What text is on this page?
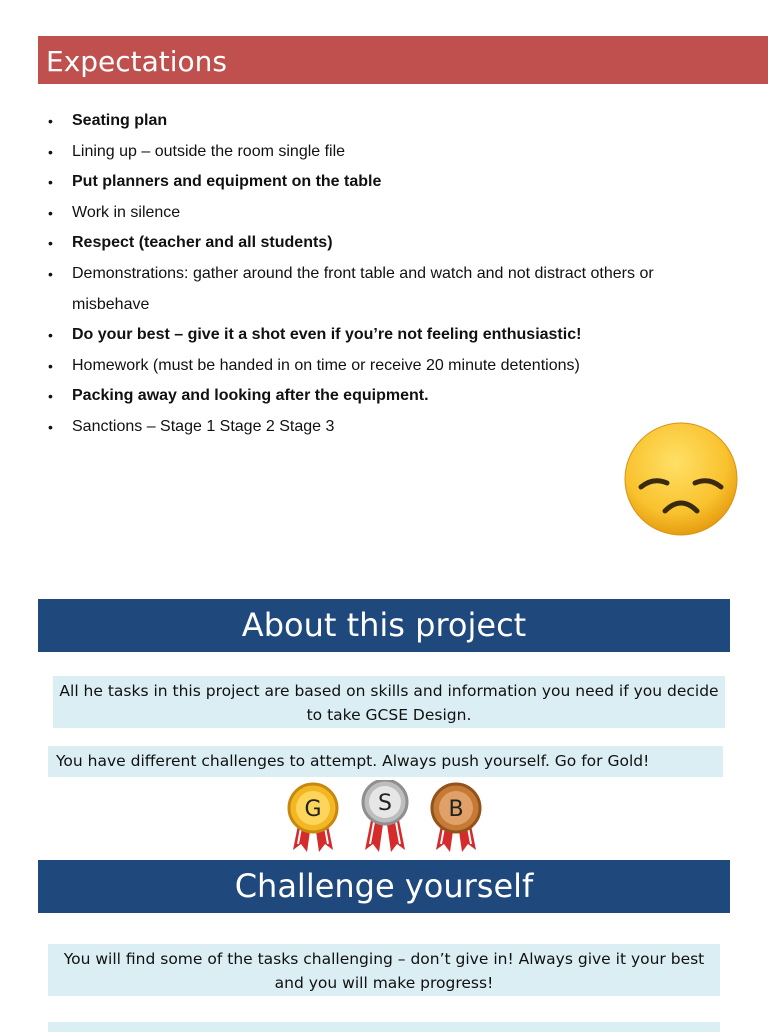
Expectations
• Seating plan
• Lining up – outside the room single file
• Put planners and equipment on the table
• Work in silence
• Respect (teacher and all students)
• Demonstrations: gather around the front table and watch and not distract others or misbehave
• Do your best – give it a shot even if you’re not feeling enthusiastic!
• Homework (must be handed in on time or receive 20 minute detentions)
• Packing away and looking after the equipment.
• Sanctions – Stage 1 Stage 2 Stage 3
About this project
All he tasks in this project are based on skills and information you need if you decide to take GCSE Design.
You have different challenges to attempt. Always push yourself. Go for Gold!
G	S	B
Challenge yourself
You will find some of the tasks challenging – don’t give in! Always give it your best and you will make progress!
